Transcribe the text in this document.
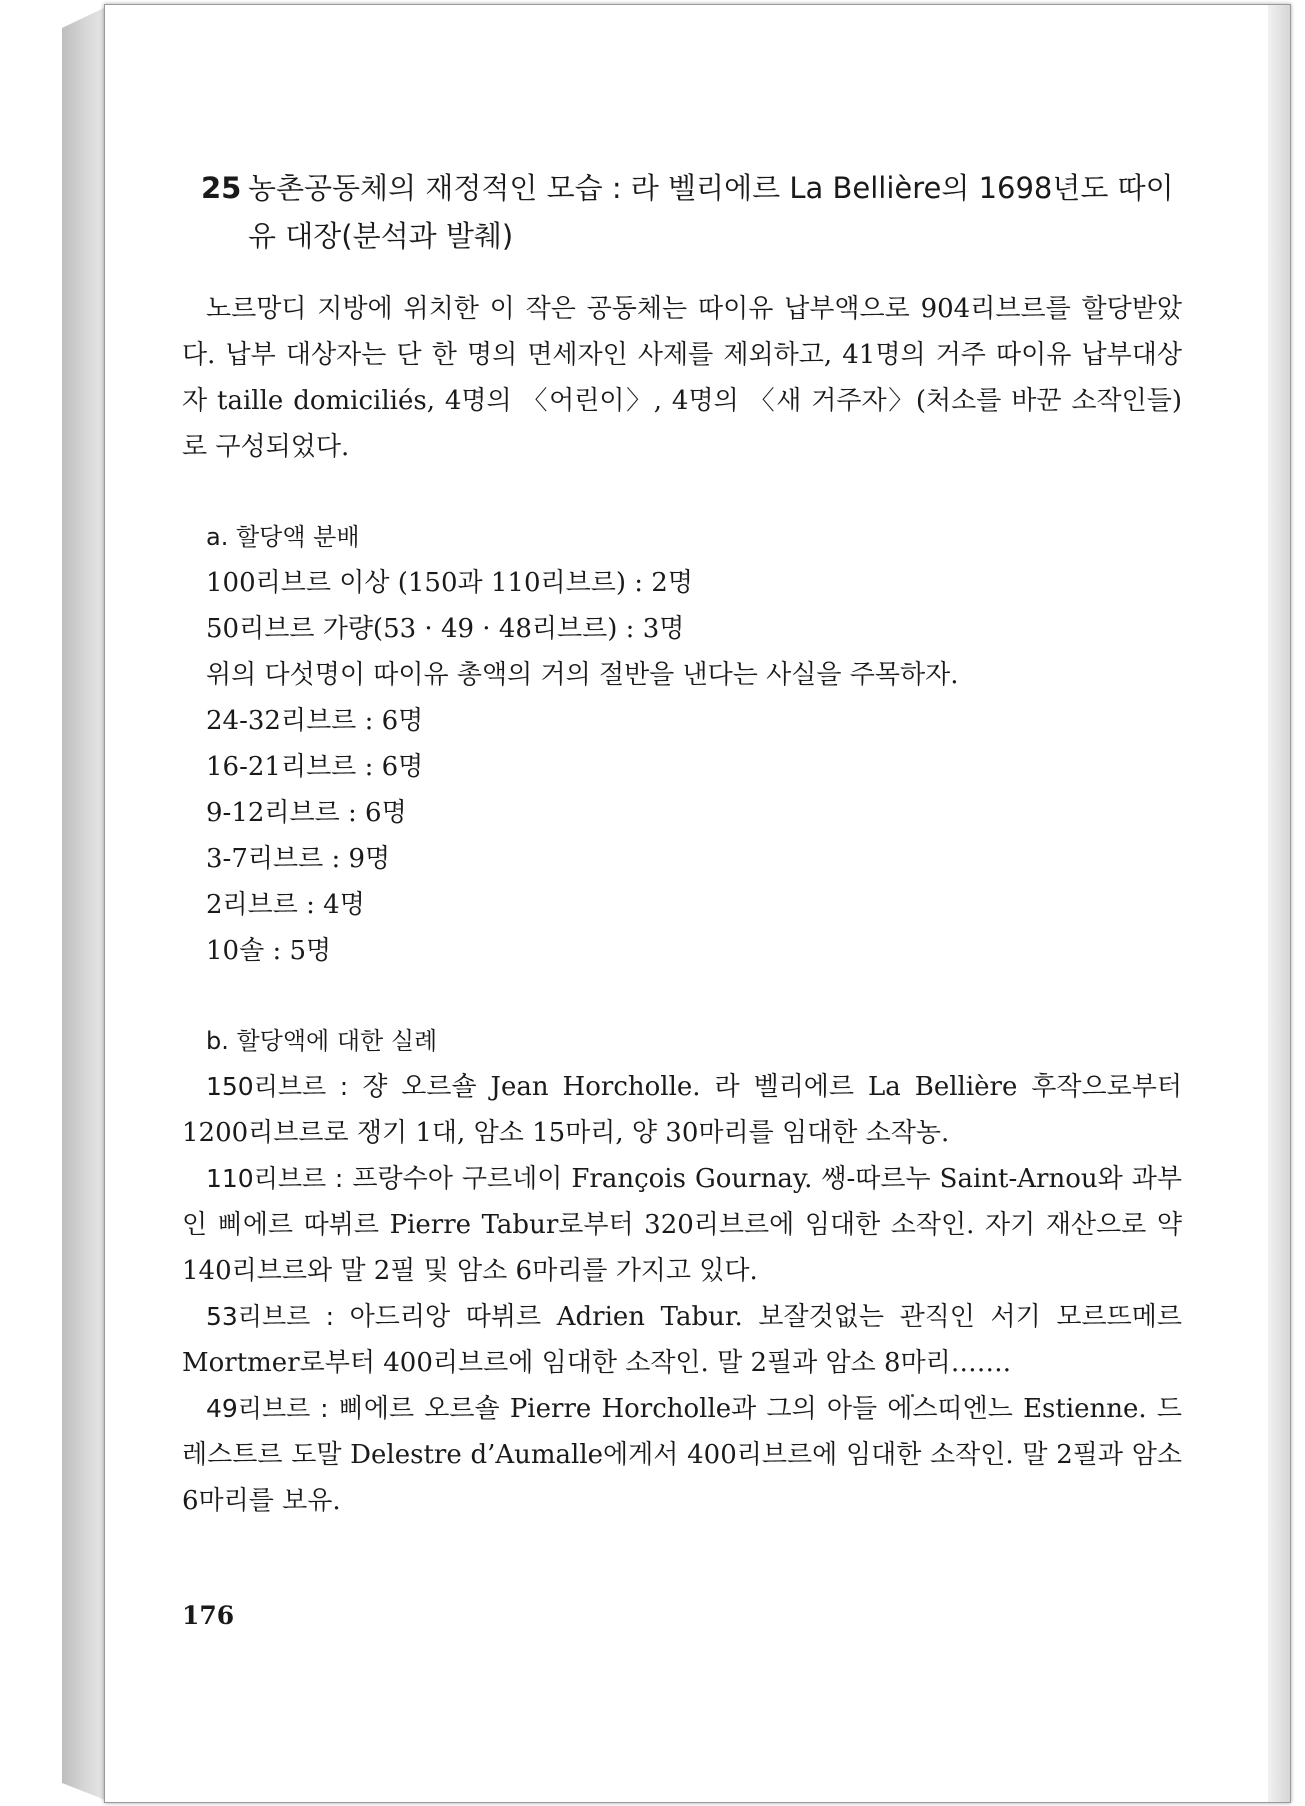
25 농촌공동체의 재정적인 모습 : 라 벨리에르 La Bellière의 1698년도 따이유 대장(분석과 발췌)
노르망디 지방에 위치한 이 작은 공동체는 따이유 납부액으로 904리브르를 할당받았다. 납부 대상자는 단 한 명의 면세자인 사제를 제외하고, 41명의 거주 따이유 납부대상자 taille domiciliés, 4명의 〈어린이〉, 4명의 〈새 거주자〉(처소를 바꾼 소작인들)로 구성되었다.
a. 할당액 분배
100리브르 이상 (150과 110리브르) : 2명
50리브르 가량(53 · 49 · 48리브르) : 3명
위의 다섯명이 따이유 총액의 거의 절반을 낸다는 사실을 주목하자.
24-32리브르 : 6명
16-21리브르 : 6명
9-12리브르 : 6명
3-7리브르 : 9명
2리브르 : 4명
10솔 : 5명
b. 할당액에 대한 실례
150리브르 : 쟝 오르숄 Jean Horcholle. 라 벨리에르 La Bellière 후작으로부터 1200리브르로 쟁기 1대, 암소 15마리, 양 30마리를 임대한 소작농.
110리브르 : 프랑수아 구르네이 François Gournay. 쌩-따르누 Saint-Arnou와 과부인 삐에르 따뷔르 Pierre Tabur로부터 320리브르에 임대한 소작인. 자기 재산으로 약 140리브르와 말 2필 및 암소 6마리를 가지고 있다.
53리브르 : 아드리앙 따뷔르 Adrien Tabur. 보잘것없는 관직인 서기 모르뜨메르 Mortmer로부터 400리브르에 임대한 소작인. 말 2필과 암소 8마리…….
49리브르 : 삐에르 오르숄 Pierre Horcholle과 그의 아들 에스띠엔느 Estienne. 드레스트르 도말 Delestre d’Aumalle에게서 400리브르에 임대한 소작인. 말 2필과 암소 6마리를 보유.
176
